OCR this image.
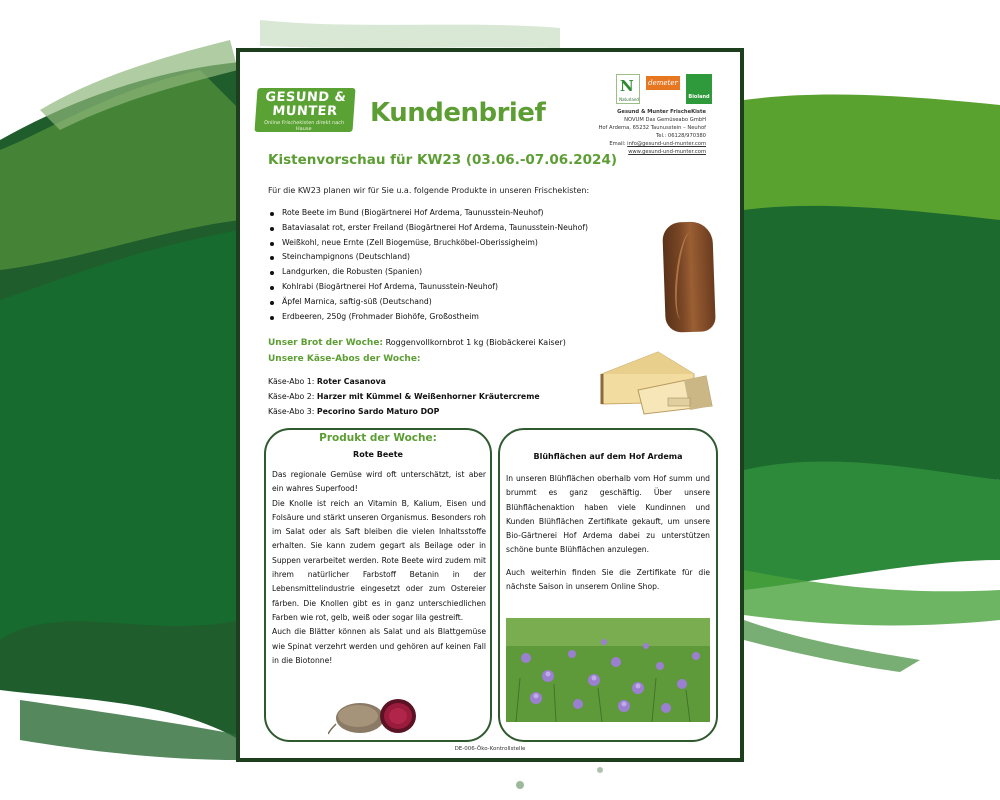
GESUND & MUNTER
Online Frischekisten direkt nach Hause
Kundenbrief
N
Naturland
demeter
Bioland
Gesund & Munter FrischeKiste
NOVUM Das Gemüseabo GmbH
Hof Ardema, 65232 Taunusstein – Neuhof
Tel.: 06128/970380
Email: info@gesund-und-munter.com
www.gesund-und-munter.com
Kistenvorschau für KW23 (03.06.-07.06.2024)
Für die KW23 planen wir für Sie u.a. folgende Produkte in unseren Frischekisten:
Rote Beete im Bund (Biogärtnerei Hof Ardema, Taunusstein-Neuhof)
Bataviasalat rot, erster Freiland (Biogärtnerei Hof Ardema, Taunusstein-Neuhof)
Weißkohl, neue Ernte (Zell Biogemüse, Bruchköbel-Oberissigheim)
Steinchampignons (Deutschland)
Landgurken, die Robusten (Spanien)
Kohlrabi (Biogärtnerei Hof Ardema, Taunusstein-Neuhof)
Äpfel Marnica, saftig-süß (Deutschand)
Erdbeeren, 250g (Frohmader Biohöfe, Großostheim
Unser Brot der Woche: Roggenvollkornbrot 1 kg (Biobäckerei Kaiser)
Unsere Käse-Abos der Woche:
Käse-Abo 1: Roter Casanova
Käse-Abo 2: Harzer mit Kümmel & Weißenhorner Kräutercreme
Käse-Abo 3: Pecorino Sardo Maturo DOP
Produkt der Woche:
Rote Beete

Das regionale Gemüse wird oft unterschätzt, ist aber ein wahres Superfood!

Die Knolle ist reich an Vitamin B, Kalium, Eisen und Folsäure und stärkt unseren Organismus. Besonders roh im Salat oder als Saft bleiben die vielen Inhaltsstoffe erhalten. Sie kann zudem gegart als Beilage oder in Suppen verarbeitet werden. Rote Beete wird zudem mit ihrem natürlicher Farbstoff Betanin in der Lebensmittelindustrie eingesetzt oder zum Ostereier färben. Die Knollen gibt es in ganz unterschiedlichen Farben wie rot, gelb, weiß oder sogar lila gestreift.

Auch die Blätter können als Salat und als Blattgemüse wie Spinat verzehrt werden und gehören auf keinen Fall in die Biotonne!

Blühflächen auf dem Hof Ardema

In unseren Blühflächen oberhalb vom Hof summ und brummt es ganz geschäftig. Über unsere Blühflächenaktion haben viele Kundinnen und Kunden Blühflächen Zertifikate gekauft, um unsere Bio-Gärtnerei Hof Ardema dabei zu unterstützen schöne bunte Blühflächen anzulegen.

Auch weiterhin finden Sie die Zertifikate für die nächste Saison in unserem Online Shop.

DE-006-Öko-Kontrollstelle
